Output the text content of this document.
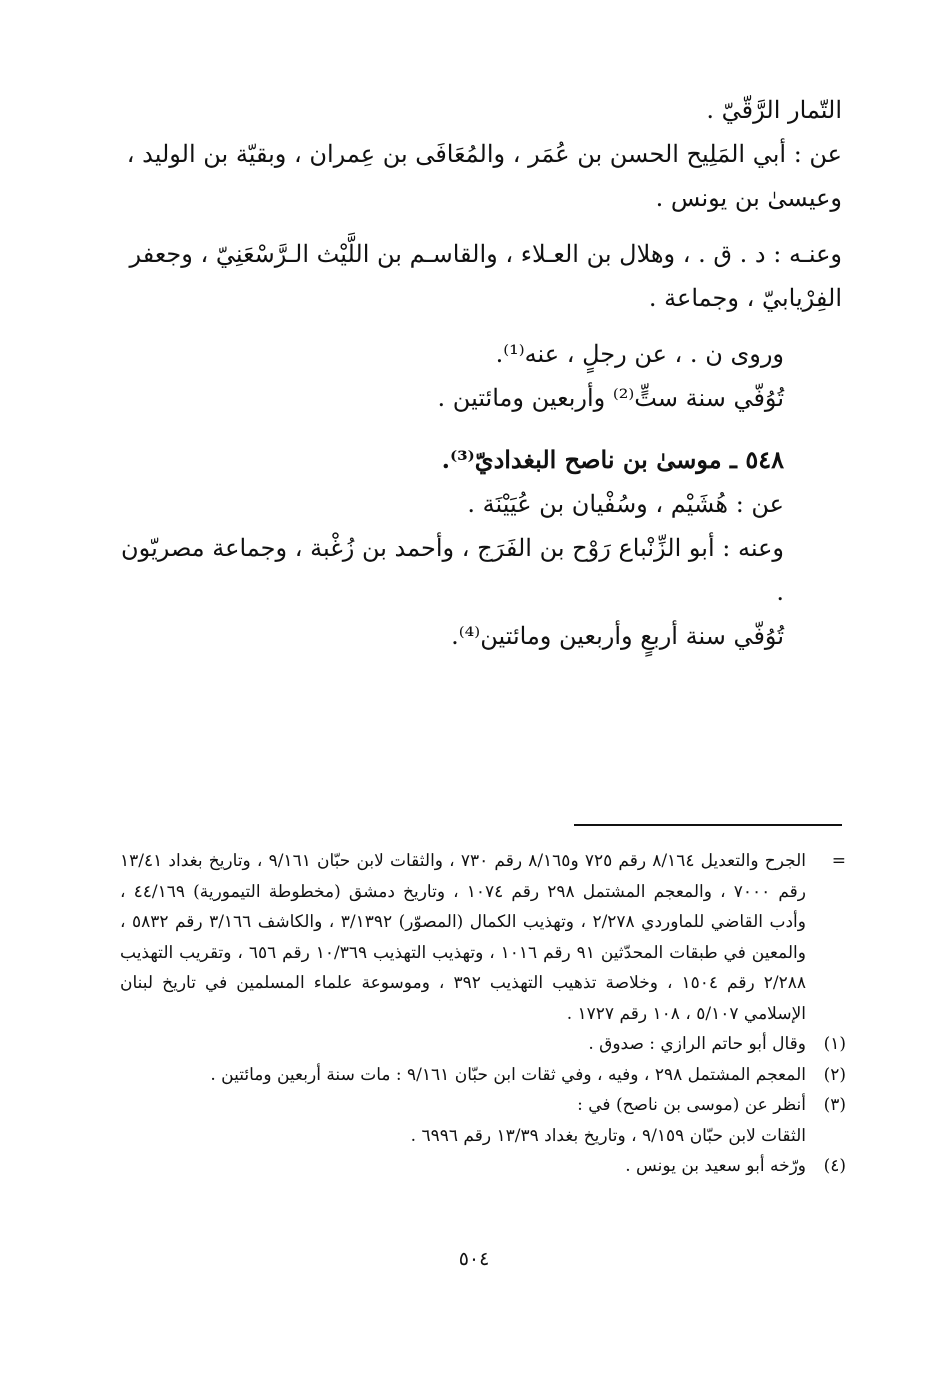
التّمار الرَّقّيّ .

عن : أبي المَلِيح الحسن بن عُمَر ، والمُعَافَى بن عِمران ، وبقيّة بن الوليد ،

وعيسىٰ بن يونس .

وعنـه : د . ق . ، وهلال بن العـلاء ، والقاسـم بن اللَّيْث الـرَّسْعَنِيّ ، وجعفر

الفِرْيابيّ ، وجماعة .

وروى ن . ، عن رجلٍ ، عنه⁽¹⁾.

تُوُفّي سنة ستٍّ⁽²⁾ وأربعين ومائتين .

٥٤٨ ـ موسىٰ بن ناصح البغداديّ⁽³⁾.

عن : هُشَيْم ، وسُفْيان بن عُيَيْنَة .

وعنه : أبو الزِّنْباع رَوْح بن الفَرَج ، وأحمد بن زُغْبة ، وجماعة مصريّون .

تُوُفّي سنة أربعٍ وأربعين ومائتين⁽⁴⁾.

=
الجرح والتعديل ٨/١٦٤ رقم ٧٢٥ و٨/١٦٥ رقم ٧٣٠ ، والثقات لابن حبّان ٩/١٦١ ، وتاريخ بغداد ١٣/٤١ رقم ٧٠٠٠ ، والمعجم المشتمل ٢٩٨ رقم ١٠٧٤ ، وتاريخ دمشق (مخطوطة التيمورية) ٤٤/١٦٩ ، وأدب القاضي للماوردي ٢/٢٧٨ ، وتهذيب الكمال (المصوّر) ٣/١٣٩٢ ، والكاشف ٣/١٦٦ رقم ٥٨٣٢ ، والمعين في طبقات المحدّثين ٩١ رقم ١٠١٦ ، وتهذيب التهذيب ١٠/٣٦٩ رقم ٦٥٦ ، وتقريب التهذيب ٢/٢٨٨ رقم ١٥٠٤ ، وخلاصة تذهيب التهذيب ٣٩٢ ، وموسوعة علماء المسلمين في تاريخ لبنان الإسلامي ٥/١٠٧ ، ١٠٨ رقم ١٧٢٧ .
(١)
وقال أبو حاتم الرازي : صدوق .
(٢)
المعجم المشتمل ٢٩٨ ، وفيه ، وفي ثقات ابن حبّان ٩/١٦١ : مات سنة أربعين ومائتين .
(٣)
أنظر عن (موسى بن ناصح) في :
الثقات لابن حبّان ٩/١٥٩ ، وتاريخ بغداد ١٣/٣٩ رقم ٦٩٩٦ .
(٤)
ورّخه أبو سعيد بن يونس .
٥٠٤
